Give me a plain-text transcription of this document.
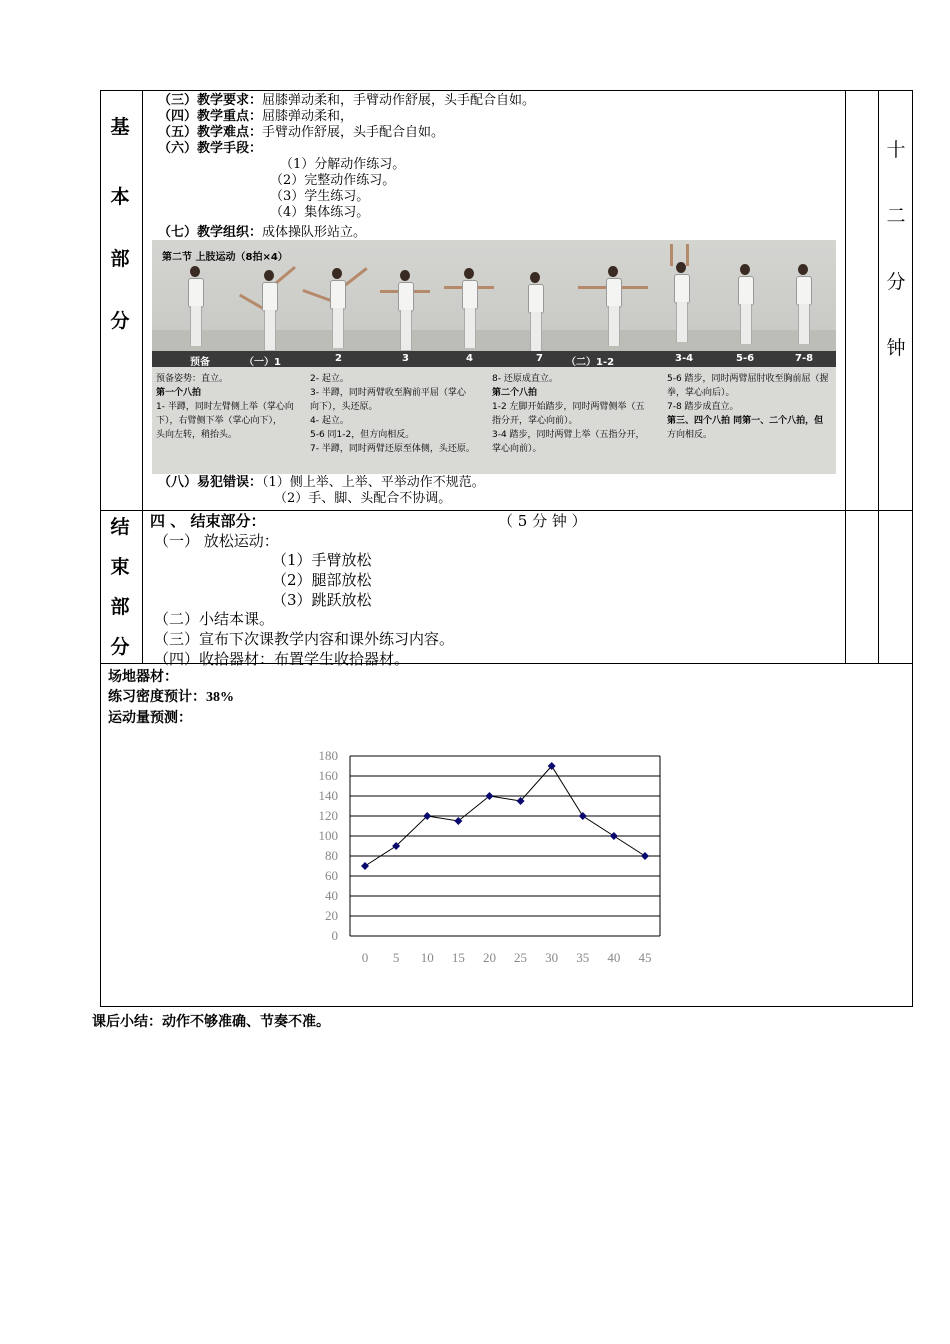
基
本
部
分
十
二
分
钟
（三）教学要求：屈膝弹动柔和，手臂动作舒展，头手配合自如。
（四）教学重点：屈膝弹动柔和，
（五）教学难点：手臂动作舒展，头手配合自如。
（六）教学手段：
（1）分解动作练习。
（2）完整动作练习。
（3）学生练习。
（4）集体练习。
（七）教学组织：成体操队形站立。
第二节 上肢运动（8拍×4）
预备	（一）1	2	3	4	7 （二）1-2	3-4	5-6	7-8
预备姿势：直立。
第一个八拍
1- 半蹲，同时左臂侧上举（掌心向
下），右臂侧下举（掌心向下），
头向左转，稍抬头。
2- 起立。
3- 半蹲，同时两臂收至胸前平屈（掌心
向下），头还原。
4- 起立。
5-6 同1-2，但方向相反。
7- 半蹲，同时两臂还原至体侧，头还原。
8- 还原成直立。
第二个八拍
1-2 左脚开始踏步，同时两臂侧举（五
指分开，掌心向前）。
3-4 踏步，同时两臂上举（五指分开，
掌心向前）。
5-6 踏步，同时两臂屈肘收至胸前屈（握
拳，掌心向后）。
7-8 踏步成直立。
第三、四个八拍 同第一、二个八拍，但
方向相反。
（八）易犯错误：（1）侧上举、上举、平举动作不规范。
（2）手、脚、头配合不协调。
结
束
部
分
四 、 结束部分：	（ 5 分 钟 ）
（一） 放松运动：
（1）手臂放松
（2）腿部放松
（3）跳跃放松
（二）小结本课。
（三）宣布下次课教学内容和课外练习内容。
（四）收拾器材：布置学生收拾器材。
场地器材：
练习密度预计：38%
运动量预测：
0
20
40
60
80
100
120
140
160
180
0 5 10 15 20 25 30 35 40 45
课后小结：动作不够准确、节奏不准。
